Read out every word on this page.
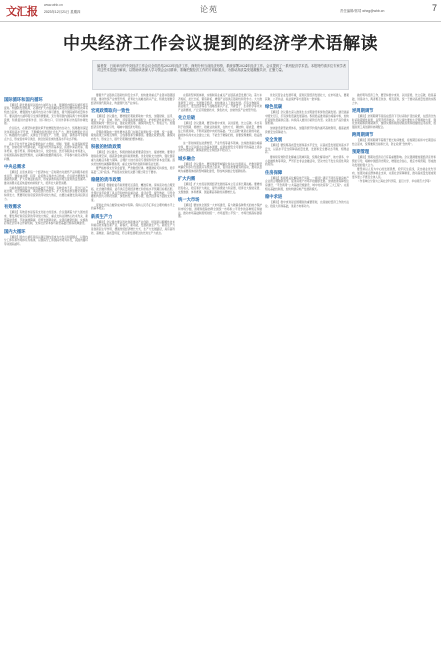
文汇报 www.whb.cn
2023年12月21日 星期四	论苑	责任编辑/郭靖 whxg@whb.cn	7
中央经济工作会议提到的经济学术语解读
编者按　日前举行的中央经济工作会议全面总结2023年经济工作，深刻分析当前经济形势，系统部署2024年经济工作。会议提到了一系列经济学术语。本报特约请多位专家学者对这些术语进行解读，以帮助读者深入学习领会会议精神，准确把握经济工作的方向和重点，为推动高质量发展凝聚共识、汇聚力量。
国际循环和国内循环
【解读】新发展格局以国内大循环为主体，强调国内国际双循环相互促进。构建新发展格局，必须把扩大内需战略同深化供给侧结构性改革有机结合起来，增强国内大循环内生动力和可靠性，提升国际循环质量和水平。要以国内大循环吸引全球资源要素，充分利用国内国际两个市场两种资源，积极促进内需和外需、进口和出口、引进外资和对外投资协调发展。
会议指出，必须坚持依靠改革开放增强发展内生动力，统筹推进深层次改革和高水平开放，不断解放和发展社会生产力、激发和增强社会活力。畅通国内大循环，关键在于打通生产、分配、流通、消费各环节的堵点卡点，形成需求牵引供给、供给创造需求的更高水平动态平衡。
高水平对外开放意味着要稳步扩大规则、规制、管理、标准等制度型开放，加快培育外贸新动能，巩固外贸外资基本盘，拓展中间品贸易、服务贸易、数字贸易、跨境电商出口，放宽电信、医疗等服务业市场准入，对标国际高标准经贸规则，认真解决数据跨境流动、平等参与政府采购等问题。
中央总需求
【解读】总需求是指一个经济体在一定时期内对最终产品和服务的需求总量，通常由消费、投资、政府购买和净出口构成。会议提出要激发有潜能的消费，扩大有效益的投资，形成消费和投资相互促进的良性循环。推动消费从疫后恢复转向持续扩大，培育壮大新型消费。
当前我国经济回升向好的基础还不稳固，有效需求不足、部分行业产能过剩、社会预期偏弱、风险隐患仍然较多。扩大有效需求需要宏观政策持续发力，既要用好政府投资的带动放大效应，也要注重激发民间投资活力。
有效需求
【解读】有效需求是指有支付能力的需求。会议强调着力扩大国内需求，要发挥好政府投资的带动放大效应，重点支持关键核心技术攻关、新型基础设施、节能减排降碳，培育发展新动能。完善投融资机制，实施政府和社会资本合作新机制，支持社会资本参与新型基础设施等领域建设。
国内大循环
【解读】国内大循环是指以满足国内需求为出发点和落脚点，以国内分工体系和市场体系为载体，以国际分工和国际市场为补充，以国内循环带动国际循环。
要提升产业链供应链韧性和安全水平，加快推进重点产业链补链强链延链，推动传统产业转型升级，培育壮大战略性新兴产业，积极发展数字经济和现代服务业，构建现代化产业体系。
宏观政策取向一致性
【解读】会议提出，要增强宏观政策取向一致性，加强财政、货币、就业、产业、区域、科技、环保等政策协调配合，把非经济性政策纳入宏观政策取向一致性评估，强化政策统筹，确保同向发力、形成合力。加强经济宣传和舆论引导，唱响中国经济光明论。
宏观政策取向一致性要求各部门在制定政策时统一思想、统一步调，避免政策之间相互掣肘、合成谬误和分解谬误。要强化政策统筹，确保同向发力、形成合力，提升宏观调控的整体效能。
积极的财政政策
【解读】会议提出，积极的财政政策要适度加力、提质增效。要用好财政政策空间，提高资金效益和政策效果。优化财政支出结构，强化国家重大战略任务财力保障。合理扩大地方政府专项债券用作资本金范围。落实好结构性减税降费政策，重点支持科技创新和制造业发展。
要严格转移支付资金监管，严肃财经纪律。增强财政可持续性，兜牢基层“三保”底线。严格落实党政机关要习惯过紧日子要求。
稳健的货币政策
【解读】稳健的货币政策要灵活适度、精准有效。保持流动性合理充裕，社会融资规模、货币供应量同经济增长和价格水平预期目标相匹配。发挥好货币政策工具总量和结构双重功能，盘活存量、提升效能，引导金融机构加大对科技创新、绿色转型、普惠小微、数字经济等方面的支持力度。
促进社会综合融资成本稳中有降。保持人民币汇率在合理均衡水平上的基本稳定。
新质生产力
【解读】会议提出要以科技创新推动产业创新，特别是以颠覆性技术和前沿技术催生新产业、新模式、新动能，发展新质生产力。新质生产力是创新起主导作用，摆脱传统经济增长方式、生产力发展路径，具有高科技、高效能、高质量特征，符合新发展理念的先进生产力质态。
完善新型举国体制，实施制造业重点产业链高质量发展行动，着力补齐短板、拉长长板、锻造新板，增强产业链供应链韧性和竞争力。大力推进新型工业化，发展数字经济，加快推动人工智能发展。打造生物制造、商业航天、低空经济等若干战略性新兴产业，开辟量子、生命科学等未来产业新赛道，广泛应用数智技术、绿色技术，加快传统产业转型升级。
先立后破
【解读】会议强调，要坚持稳中求进、以进促稳、先立后破。多出有利于稳预期、稳增长、稳就业的政策，在转方式、调结构、提质量、增效益上积极进取，不断巩固稳中向好的基础。“先立后破”就是在新的动能、新的体系尚未完全建立之前，不能急于破除旧的，而要统筹兼顾、稳妥推进。
这一原则体现在能源转型、产业升级等诸多领域。比如推进碳达峰碳中和，要立足以煤为主的基本国情，在新能源安全可靠替代的基础上逐步退出传统能源，确保能源安全和经济平稳运行。
城乡融合
【解读】会议提出，要统筹新型城镇化和乡村全面振兴，把推进新型城镇化和乡村全面振兴有机结合起来，促进各类要素双向流动，推动以县城为重要载体的新型城镇化建设，形成城乡融合发展新格局。
扩大内需
【解读】扩大内需是我国经济发展的基本立足点和长期战略。要增加居民收入，稳定和扩大就业，提升消费能力和意愿，培育壮大智能家居、文娱旅游、体育赛事、国货潮品等新的消费增长点。
统一大市场
【解读】要加快全国统一大市场建设，着力破除各种形式的地方保护和市场分割，清理和废除妨碍全国统一市场和公平竞争的各种规定和做法，推动市场基础制度规则统一、市场监管公平统一、市场设施高标准联通。
优化民营企业发展环境，促进民营经济发展壮大，在市场准入、要素获取、公平执法、权益保护等方面落实一批举措。
绿色低碳
【解读】会议提出深入推进生态文明建设和绿色低碳发展。建设美丽中国先行区，打造绿色低碳发展高地。积极稳妥推进碳达峰碳中和，加快打造绿色低碳供应链。持续深入推进污染防治攻坚。完善生态产品价值实现机制。
加快建设新型能源体系，加强资源节约集约循环高效利用，提高能源资源安全保障能力。
安全发展
【解读】要统筹高质量发展和高水平安全，以高质量发展促进高水平安全，以高水平安全保障高质量发展，发展和安全要动态平衡、相得益彰。
要持续有效防范化解重点领域风险，统筹化解房地产、地方债务、中小金融机构等风险，严厉打击非法金融活动，坚决守住不发生系统性风险的底线。
住房保障
【解读】积极稳妥化解房地产风险，一视同仁满足不同所有制房地产企业的合理融资需求，促进房地产市场平稳健康发展。加快推进保障性住房建设、“平急两用”公共基础设施建设、城中村改造等“三大工程”。完善相关基础性制度，加快构建房地产发展新模式。
稳中求进
【解读】稳中求进是治国理政的重要原则，也是做好经济工作的方法论。稳是大局和基础，进是方向和动力。
做好明年经济工作，要坚持稳中求进、以进促稳、先立后破，稳是基础，进是动力，两者相互依存、相互促进，统一于推动高质量发展的实践之中。
逆周期调节
【解读】逆周期调节是指在经济下行时采取扩张性政策，在经济过热时采取紧缩性政策，以熨平经济波动。会议提出要加大宏观调控力度，强化逆周期和跨周期调节，继续实施积极的财政政策和稳健的货币政策，加强政策工具创新和协调配合。
跨周期调节
【解读】跨周期调节着眼于更长时间维度，将短期目标和中长期目标结合起来，统筹兼顾当前和长远，防止政策“急转弯”。
预期管理
【解读】预期对经济运行有着重要影响。会议强调要加强经济宣传和舆论引导，唱响中国经济光明论，增强社会信心，稳定市场预期，形成推动发展的强大合力。
要坚持以人民为中心的发展思想，兜牢民生底线，突出就业优先导向，加强对重点群体就业支持，完善社会保障制度，推动高质量发展成果更多更公平惠及全体人民。
（作者单位分别为上海社会科学院、复旦大学、华东师范大学等）
